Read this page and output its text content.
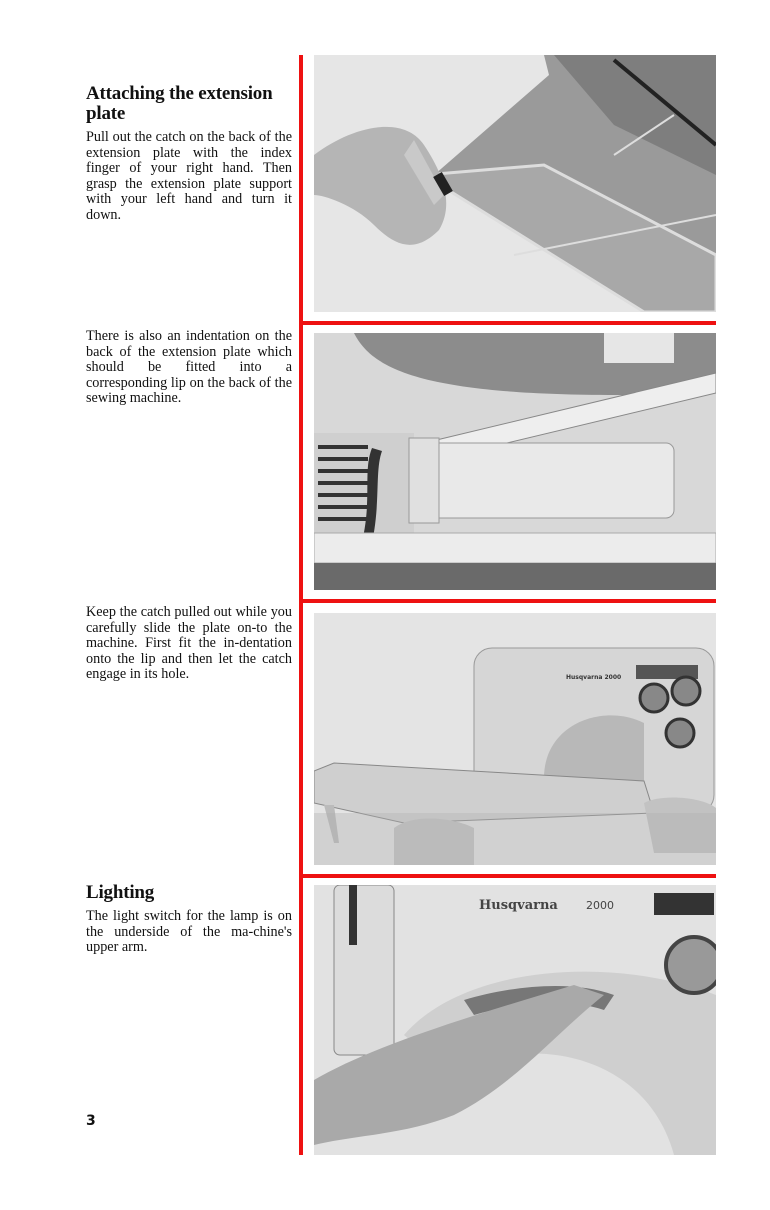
Attaching the extension plate

Pull out the catch on the back of the extension plate with the index finger of your right hand. Then grasp the extension plate support with your left hand and turn it down.

There is also an indentation on the back of the extension plate which should be fitted into a corresponding lip on the back of the sewing machine.

Keep the catch pulled out while you carefully slide the plate on-to the machine. First fit the in-dentation onto the lip and then let the catch engage in its hole.

Lighting

The light switch for the lamp is on the underside of the ma-chine's upper arm.

3
Husqvarna 2000
Husqvarna	2000
